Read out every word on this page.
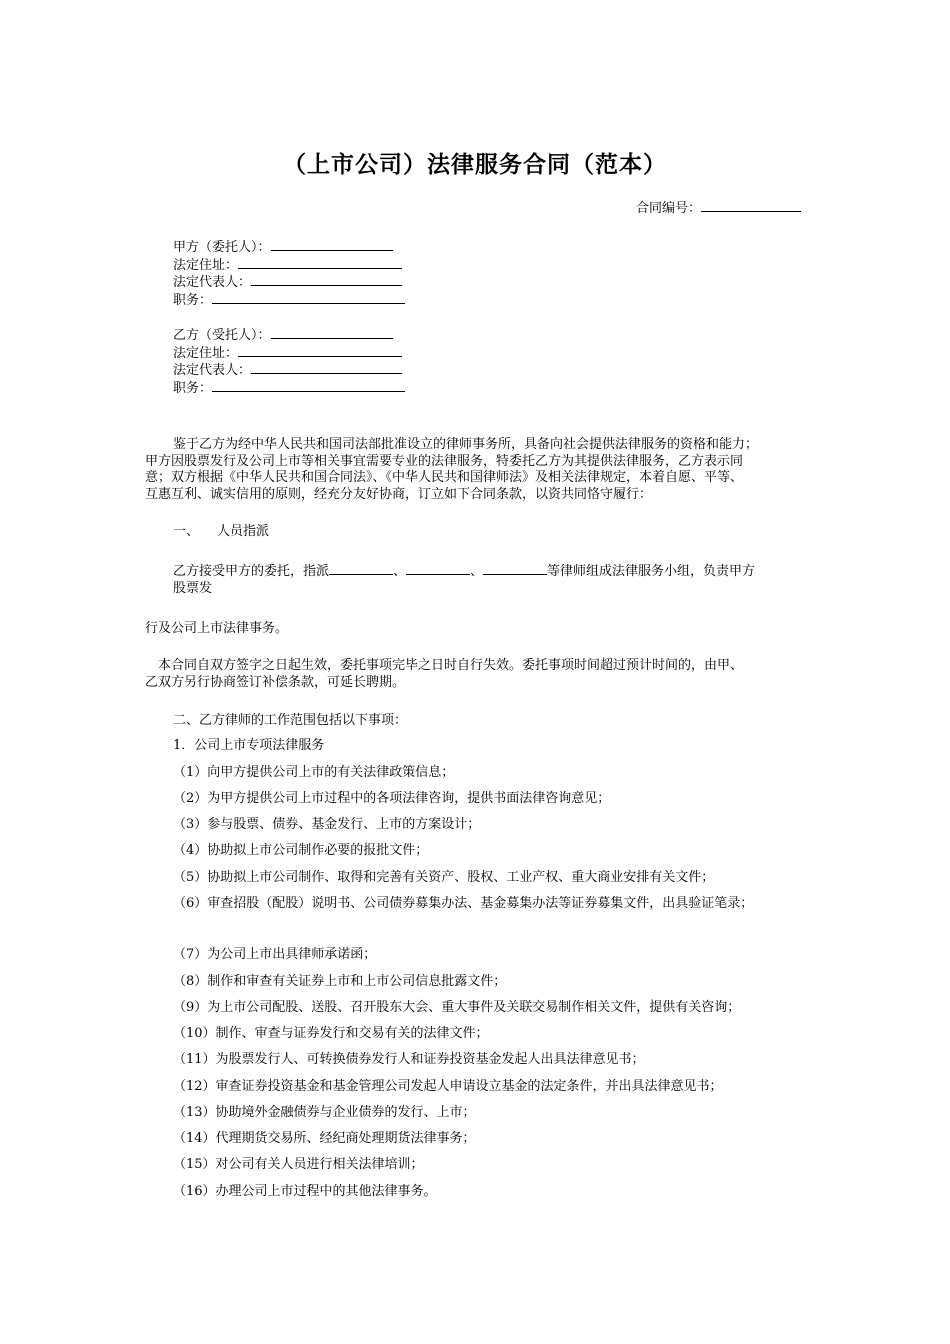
（上市公司）法律服务合同（范本）
合同编号：
甲方（委托人）：
法定住址：
法定代表人：
职务：
乙方（受托人）：
法定住址：
法定代表人：
职务：
鉴于乙方为经中华人民共和国司法部批准设立的律师事务所，具备向社会提供法律服务的资格和能力；
甲方因股票发行及公司上市等相关事宜需要专业的法律服务，特委托乙方为其提供法律服务，乙方表示同
意；双方根据《中华人民共和国合同法》、《中华人民共和国律师法》及相关法律规定，本着自愿、平等、
互惠互利、诚实信用的原则，经充分友好协商，订立如下合同条款，以资共同恪守履行：
一、 人员指派
乙方接受甲方的委托，指派	、	、	等律师组成法律服务小组，负责甲方
股票发
行及公司上市法律事务。
本合同自双方签字之日起生效，委托事项完毕之日时自行失效。委托事项时间超过预计时间的，由甲、
乙双方另行协商签订补偿条款，可延长聘期。
二、乙方律师的工作范围包括以下事项：
1．公司上市专项法律服务
（1）向甲方提供公司上市的有关法律政策信息；
（2）为甲方提供公司上市过程中的各项法律咨询，提供书面法律咨询意见；
（3）参与股票、债券、基金发行、上市的方案设计；
（4）协助拟上市公司制作必要的报批文件；
（5）协助拟上市公司制作、取得和完善有关资产、股权、工业产权、重大商业安排有关文件；
（6）审查招股（配股）说明书、公司债券募集办法、基金募集办法等证券募集文件，出具验证笔录；
（7）为公司上市出具律师承诺函；
（8）制作和审查有关证券上市和上市公司信息批露文件；
（9）为上市公司配股、送股、召开股东大会、重大事件及关联交易制作相关文件，提供有关咨询；
（10）制作、审查与证券发行和交易有关的法律文件；
（11）为股票发行人、可转换债券发行人和证券投资基金发起人出具法律意见书；
（12）审查证券投资基金和基金管理公司发起人申请设立基金的法定条件，并出具法律意见书；
（13）协助境外金融债券与企业债券的发行、上市；
（14）代理期货交易所、经纪商处理期货法律事务；
（15）对公司有关人员进行相关法律培训；
（16）办理公司上市过程中的其他法律事务。
